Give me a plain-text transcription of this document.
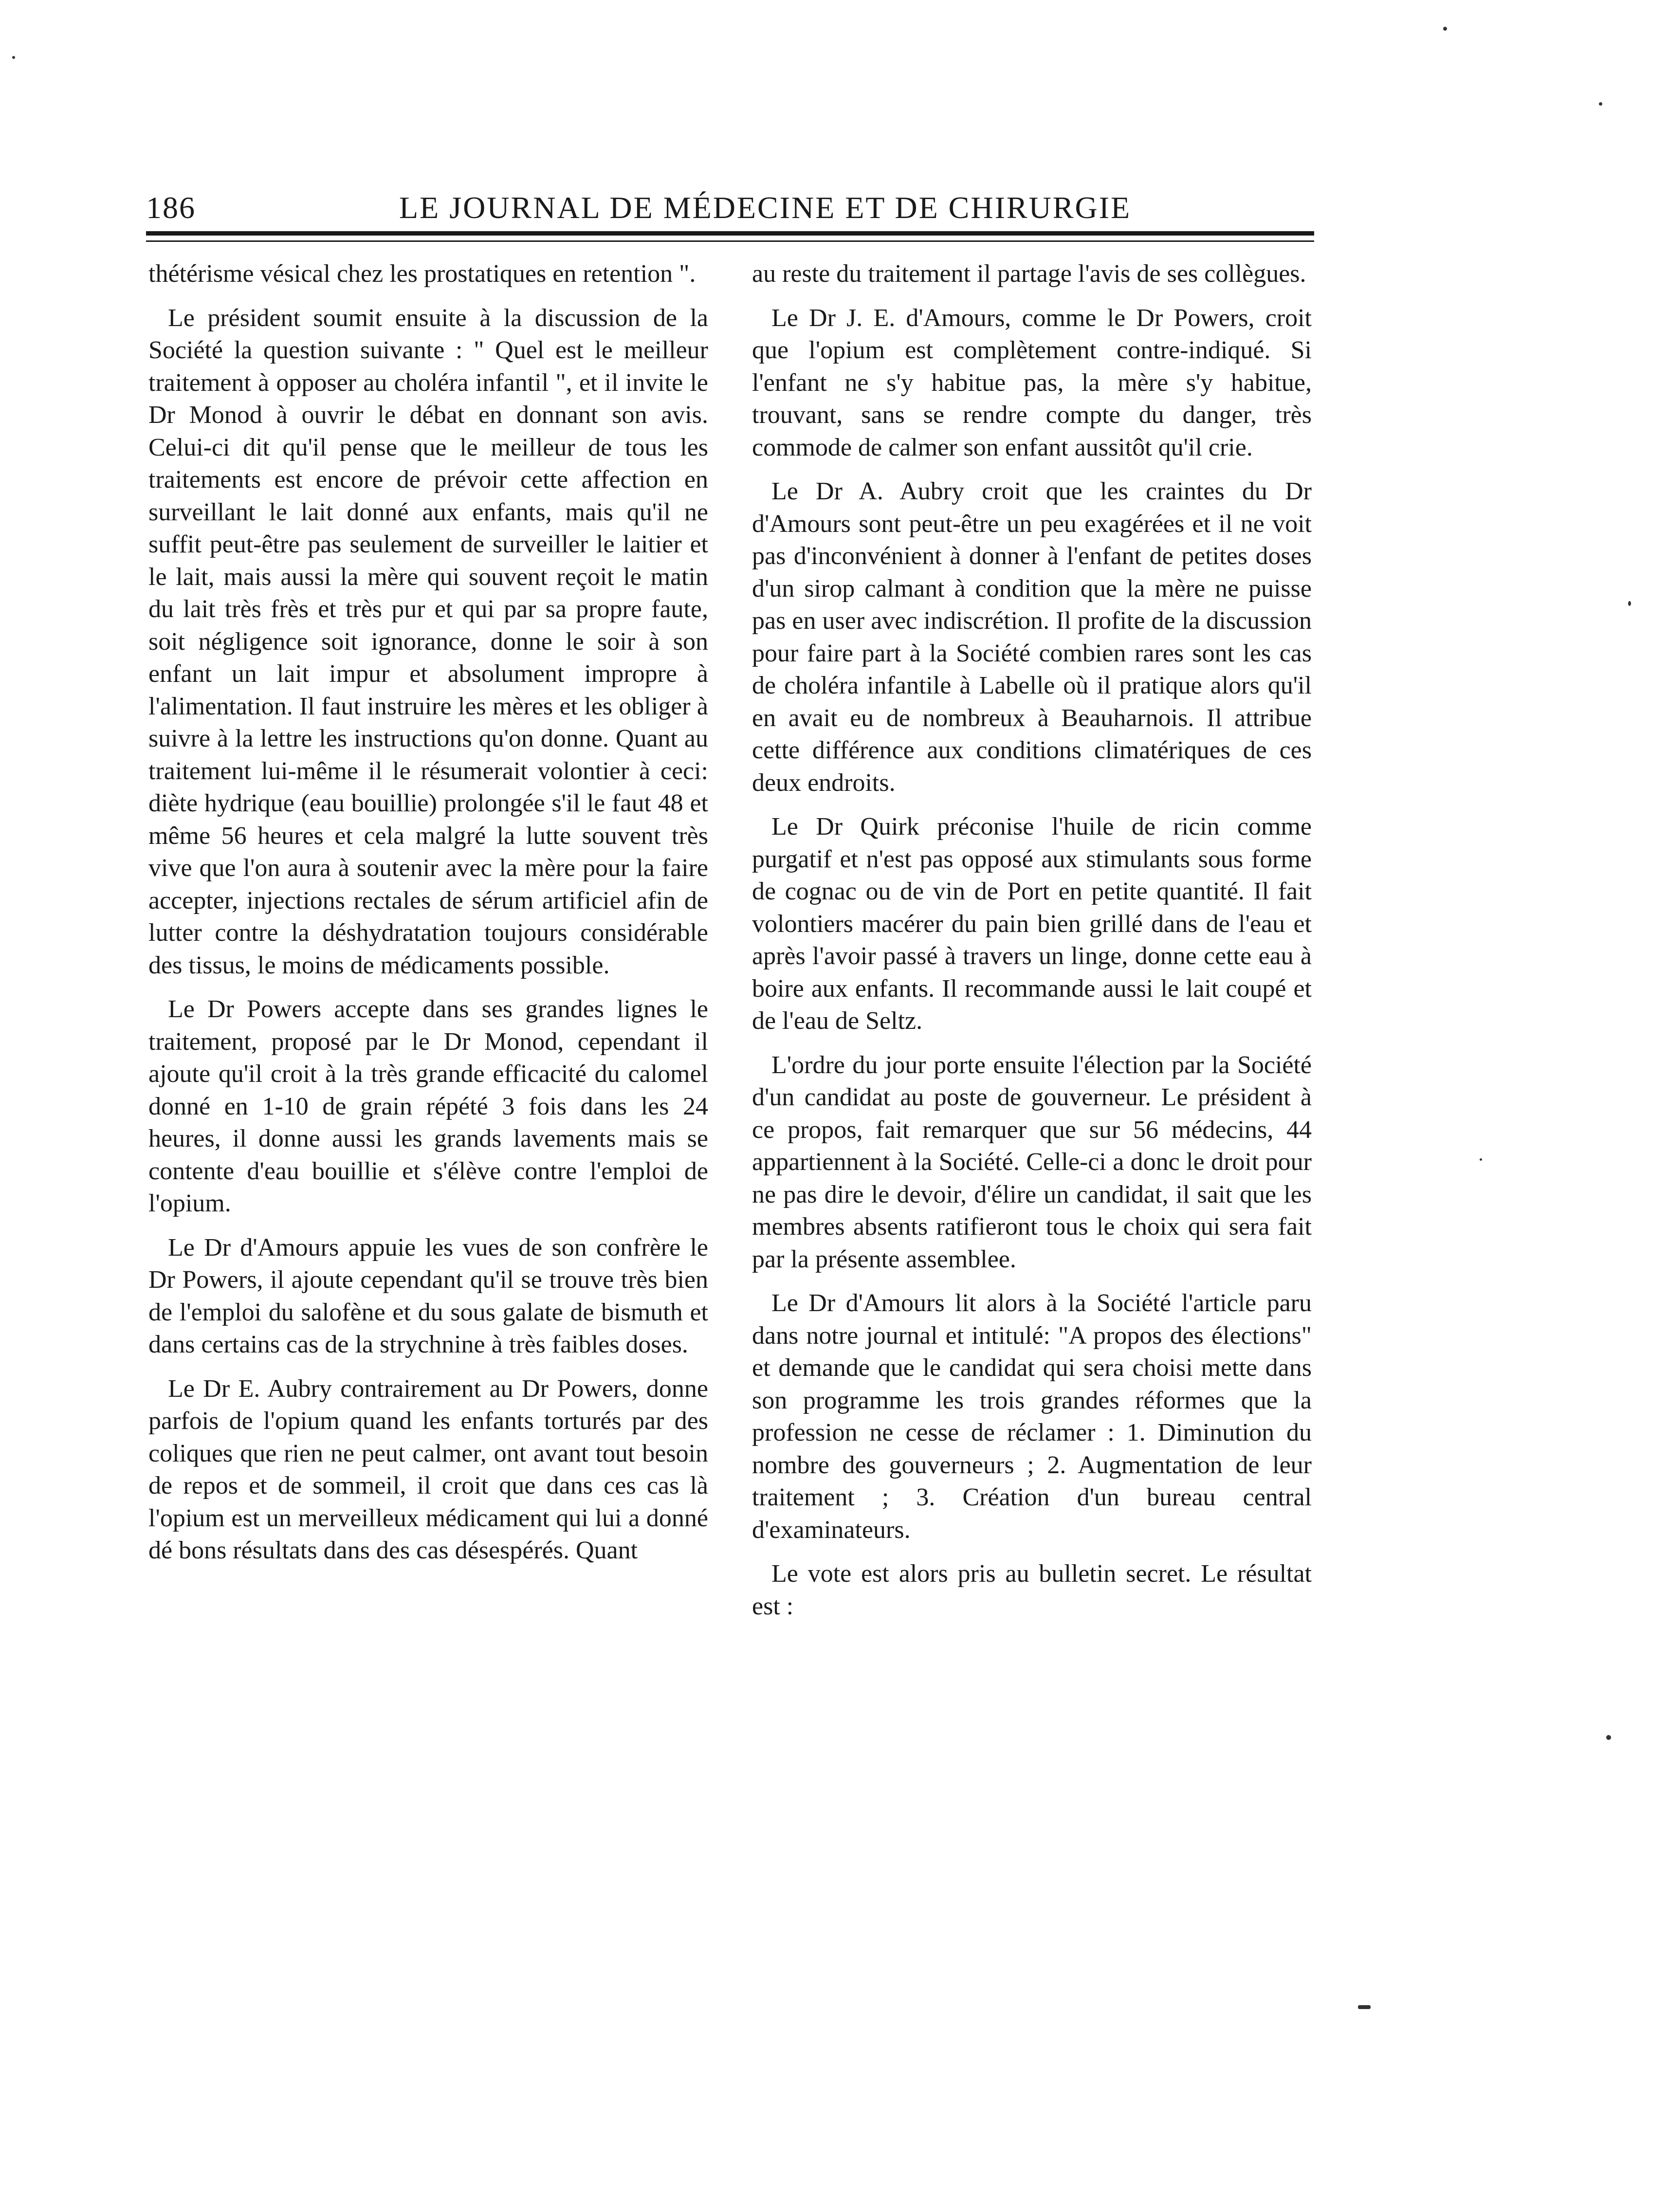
186	LE JOURNAL DE MÉDECINE ET DE CHIRURGIE

thétérisme vésical chez les prostatiques en retention ".

Le président soumit ensuite à la discussion de la Société la question suivante : " Quel est le meilleur traitement à opposer au choléra infantil ", et il invite le Dr Monod à ouvrir le débat en donnant son avis. Celui-ci dit qu'il pense que le meilleur de tous les traitements est encore de prévoir cette affection en surveillant le lait donné aux enfants, mais qu'il ne suffit peut-être pas seulement de surveiller le laitier et le lait, mais aussi la mère qui souvent reçoit le matin du lait très frès et très pur et qui par sa propre faute, soit négligence soit ignorance, donne le soir à son enfant un lait impur et absolument impropre à l'alimentation. Il faut instruire les mères et les obliger à suivre à la lettre les instructions qu'on donne. Quant au traitement lui-même il le résumerait volontier à ceci: diète hydrique (eau bouillie) prolongée s'il le faut 48 et même 56 heures et cela malgré la lutte souvent très vive que l'on aura à soutenir avec la mère pour la faire accepter, injections rectales de sérum artificiel afin de lutter contre la déshydratation toujours considérable des tissus, le moins de médicaments possible.

Le Dr Powers accepte dans ses grandes lignes le traitement, proposé par le Dr Monod, cependant il ajoute qu'il croit à la très grande efficacité du calomel donné en 1-10 de grain répété 3 fois dans les 24 heures, il donne aussi les grands lavements mais se contente d'eau bouillie et s'élève contre l'emploi de l'opium.

Le Dr d'Amours appuie les vues de son confrère le Dr Powers, il ajoute cependant qu'il se trouve très bien de l'emploi du salofène et du sous galate de bismuth et dans certains cas de la strychnine à très faibles doses.

Le Dr E. Aubry contrairement au Dr Powers, donne parfois de l'opium quand les enfants torturés par des coliques que rien ne peut calmer, ont avant tout besoin de repos et de sommeil, il croit que dans ces cas là l'opium est un merveilleux médicament qui lui a donné dé bons résultats dans des cas désespérés. Quant

au reste du traitement il partage l'avis de ses collègues.

Le Dr J. E. d'Amours, comme le Dr Powers, croit que l'opium est complètement contre-indiqué. Si l'enfant ne s'y habitue pas, la mère s'y habitue, trouvant, sans se rendre compte du danger, très commode de calmer son enfant aussitôt qu'il crie.

Le Dr A. Aubry croit que les craintes du Dr d'Amours sont peut-être un peu exagérées et il ne voit pas d'inconvénient à donner à l'enfant de petites doses d'un sirop calmant à condition que la mère ne puisse pas en user avec indiscrétion. Il profite de la discussion pour faire part à la Société combien rares sont les cas de choléra infantile à Labelle où il pratique alors qu'il en avait eu de nombreux à Beauharnois. Il attribue cette différence aux conditions climatériques de ces deux endroits.

Le Dr Quirk préconise l'huile de ricin comme purgatif et n'est pas opposé aux stimulants sous forme de cognac ou de vin de Port en petite quantité. Il fait volontiers macérer du pain bien grillé dans de l'eau et après l'avoir passé à travers un linge, donne cette eau à boire aux enfants. Il recommande aussi le lait coupé et de l'eau de Seltz.

L'ordre du jour porte ensuite l'élection par la Société d'un candidat au poste de gouverneur. Le président à ce propos, fait remarquer que sur 56 médecins, 44 appartiennent à la Société. Celle-ci a donc le droit pour ne pas dire le devoir, d'élire un candidat, il sait que les membres absents ratifieront tous le choix qui sera fait par la présente assemblee.

Le Dr d'Amours lit alors à la Société l'article paru dans notre journal et intitulé: "A propos des élections" et demande que le candidat qui sera choisi mette dans son programme les trois grandes réformes que la profession ne cesse de réclamer : 1. Diminution du nombre des gouverneurs ; 2. Augmentation de leur traitement ; 3. Création d'un bureau central d'examinateurs.

Le vote est alors pris au bulletin secret. Le résultat est :
